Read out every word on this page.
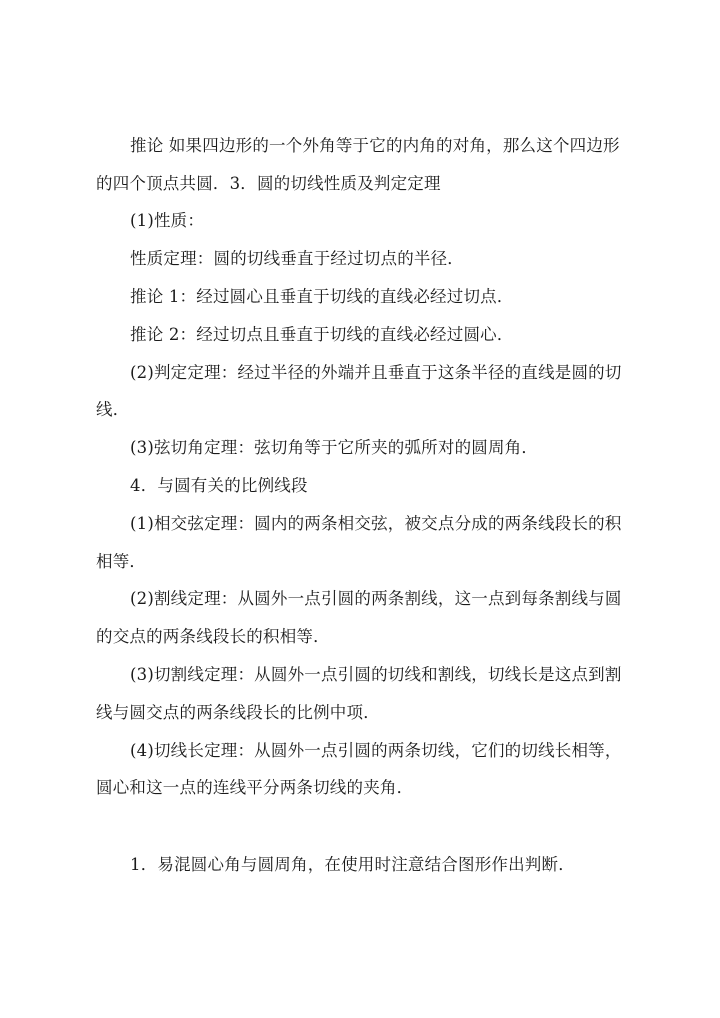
推论 如果四边形的一个外角等于它的内角的对角，那么这个四边形
的四个顶点共圆．3．圆的切线性质及判定定理
(1)性质：
性质定理：圆的切线垂直于经过切点的半径．
推论 1：经过圆心且垂直于切线的直线必经过切点．
推论 2：经过切点且垂直于切线的直线必经过圆心．
(2)判定定理：经过半径的外端并且垂直于这条半径的直线是圆的切
线．
(3)弦切角定理：弦切角等于它所夹的弧所对的圆周角．
4．与圆有关的比例线段
(1)相交弦定理：圆内的两条相交弦，被交点分成的两条线段长的积
相等．
(2)割线定理：从圆外一点引圆的两条割线，这一点到每条割线与圆
的交点的两条线段长的积相等．
(3)切割线定理：从圆外一点引圆的切线和割线，切线长是这点到割
线与圆交点的两条线段长的比例中项．
(4)切线长定理：从圆外一点引圆的两条切线，它们的切线长相等，
圆心和这一点的连线平分两条切线的夹角．
1．易混圆心角与圆周角，在使用时注意结合图形作出判断．
